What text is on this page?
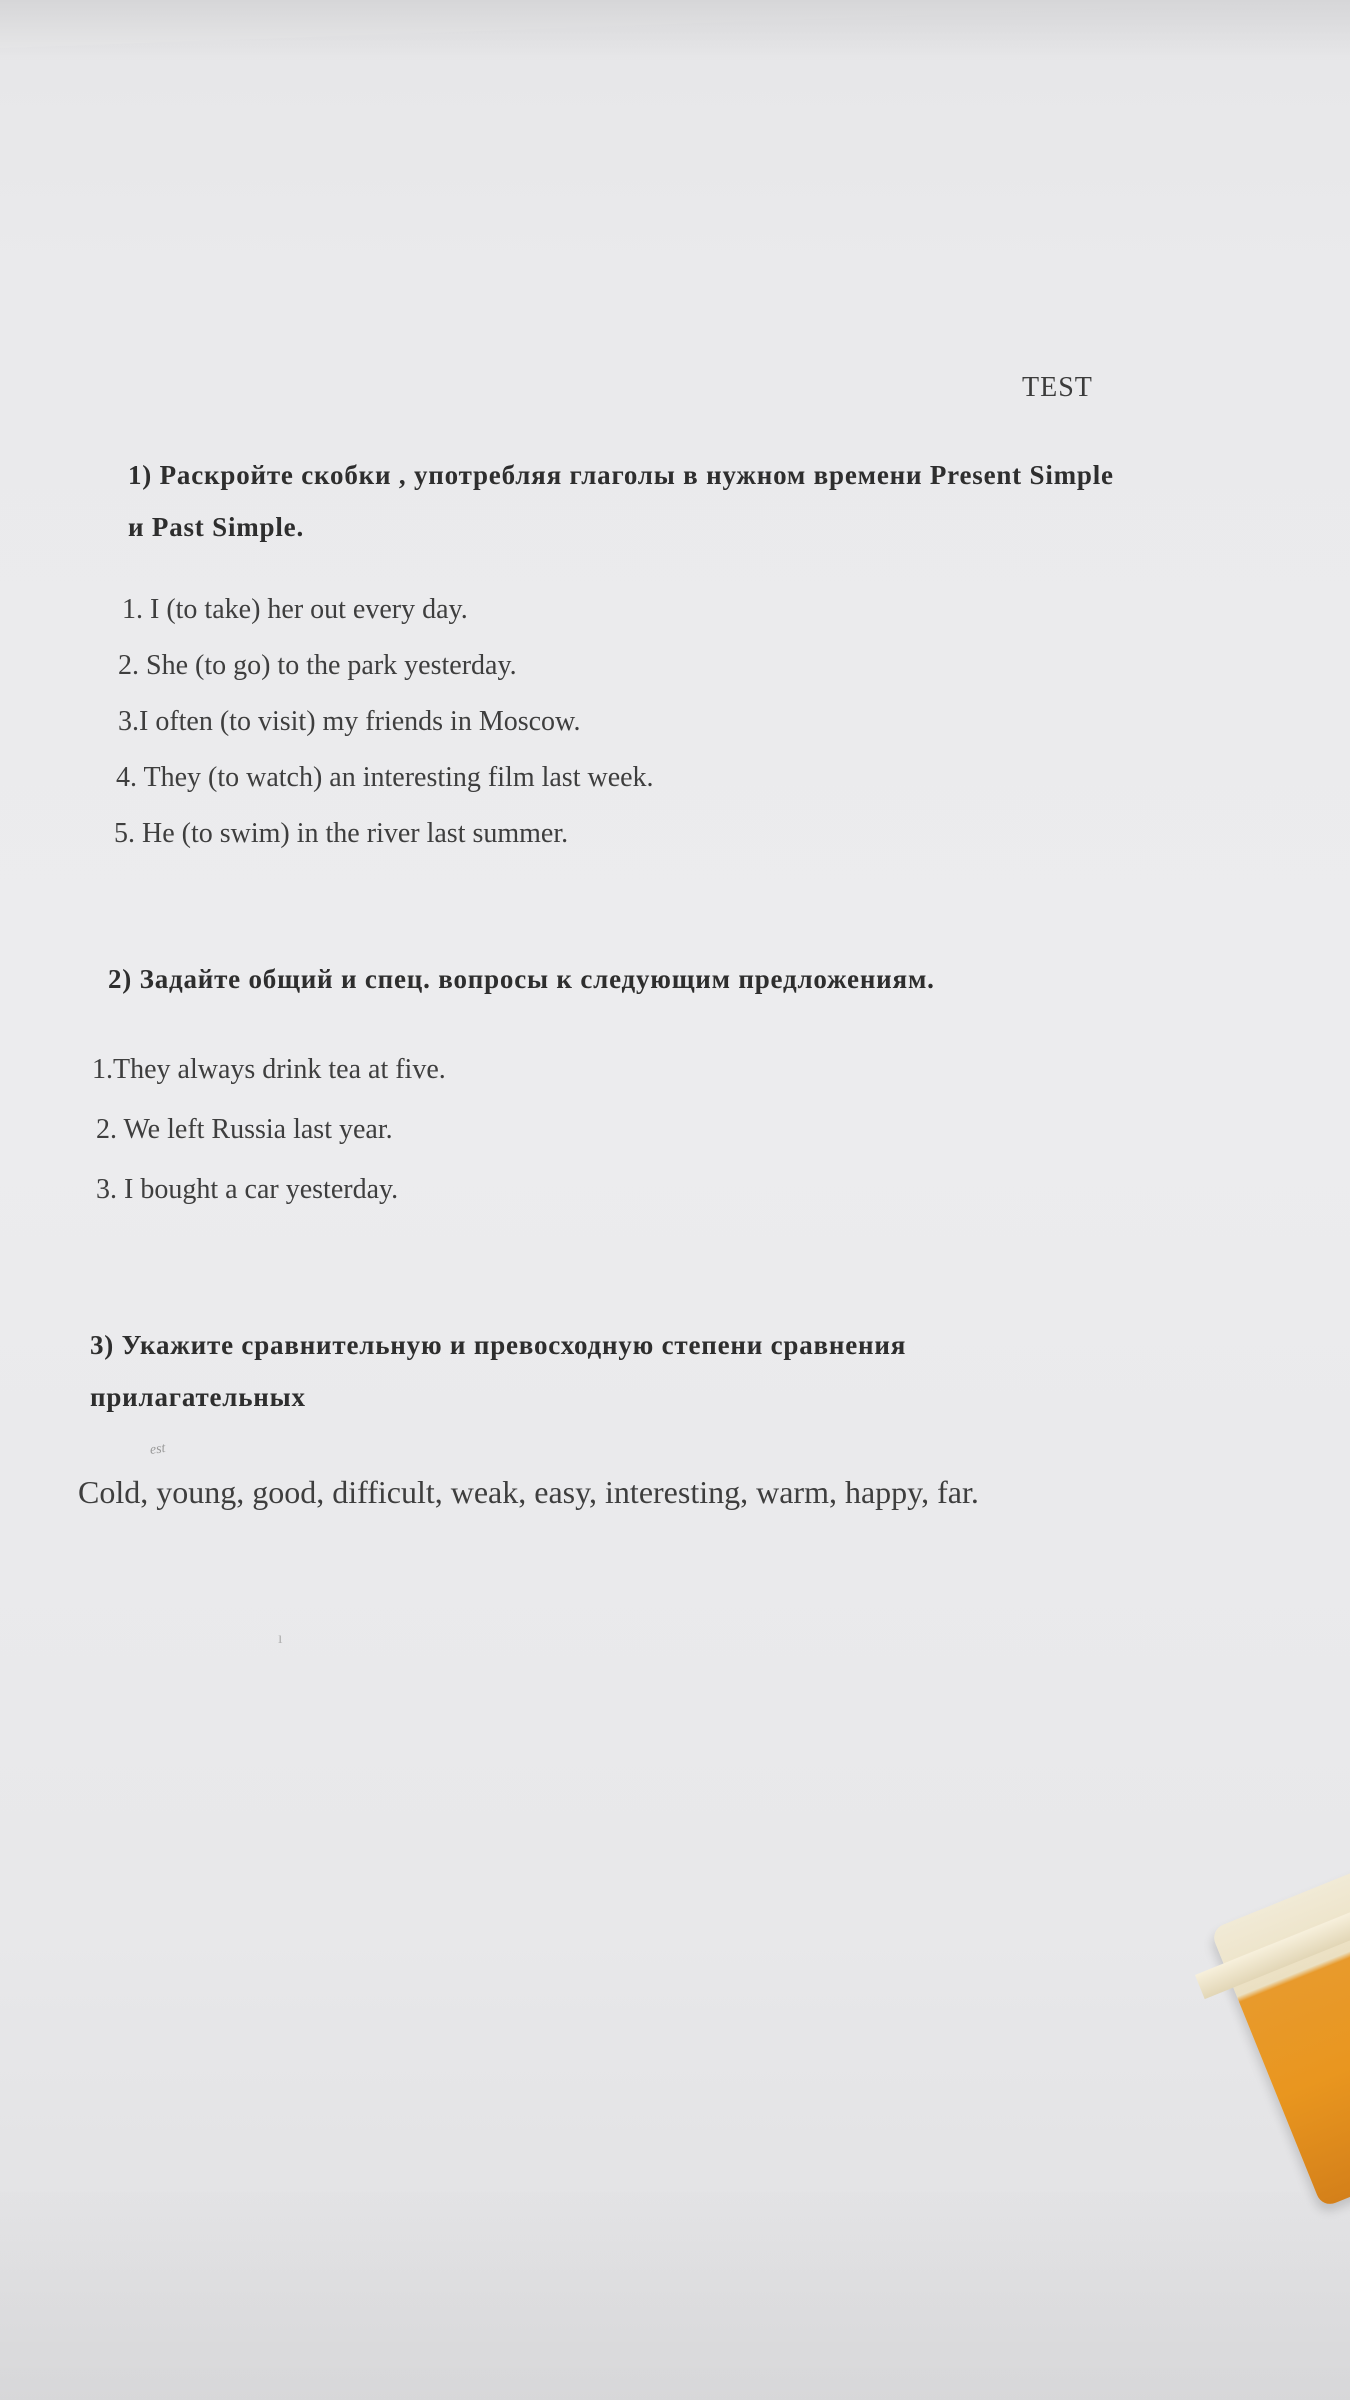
TEST
1) Раскройте скобки , употребляя глаголы в нужном времени Present Simple
и Past Simple.
1. I (to take) her out every day.
2. She (to go) to the park yesterday.
3.I often (to visit) my friends in Moscow.
4. They (to watch) an interesting film last week.
5. He (to swim) in the river last summer.
2) Задайте общий и спец. вопросы к следующим предложениям.
1.They always drink tea at five.
2. We left Russia last year.
3. I bought a car yesterday.
3) Укажите сравнительную и превосходную степени сравнения
прилагательных
est
Cold, young, good, difficult, weak, easy, interesting, warm, happy, far.
ı
